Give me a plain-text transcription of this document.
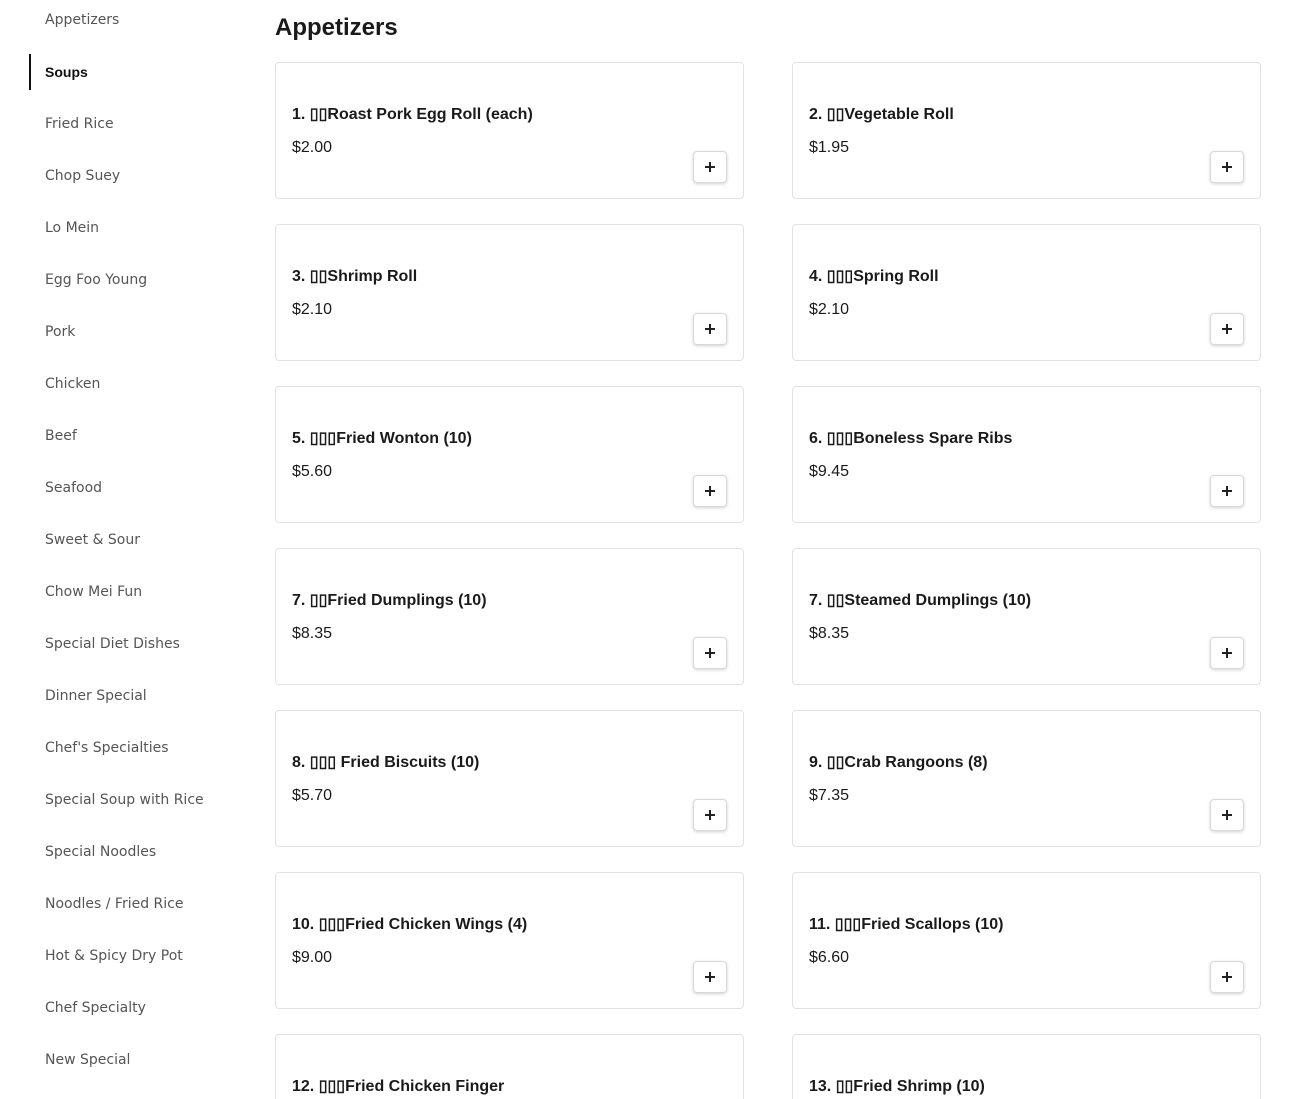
Appetizers
Soups
Fried Rice
Chop Suey
Lo Mein
Egg Foo Young
Pork
Chicken
Beef
Seafood
Sweet & Sour
Chow Mei Fun
Special Diet Dishes
Dinner Special
Chef's Specialties
Special Soup with Rice
Special Noodles
Noodles / Fried Rice
Hot & Spicy Dry Pot
Chef Specialty
New Special
Appetizers
1. ▯▯Roast Pork Egg Roll (each)
$2.00
2. ▯▯Vegetable Roll
$1.95
3. ▯▯Shrimp Roll
$2.10
4. ▯▯▯Spring Roll
$2.10
5. ▯▯▯Fried Wonton (10)
$5.60
6. ▯▯▯Boneless Spare Ribs
$9.45
7. ▯▯Fried Dumplings (10)
$8.35
7. ▯▯Steamed Dumplings (10)
$8.35
8. ▯▯▯ Fried Biscuits (10)
$5.70
9. ▯▯Crab Rangoons (8)
$7.35
10. ▯▯▯Fried Chicken Wings (4)
$9.00
11. ▯▯▯Fried Scallops (10)
$6.60
12. ▯▯▯Fried Chicken Finger	13. ▯▯Fried Shrimp (10)
